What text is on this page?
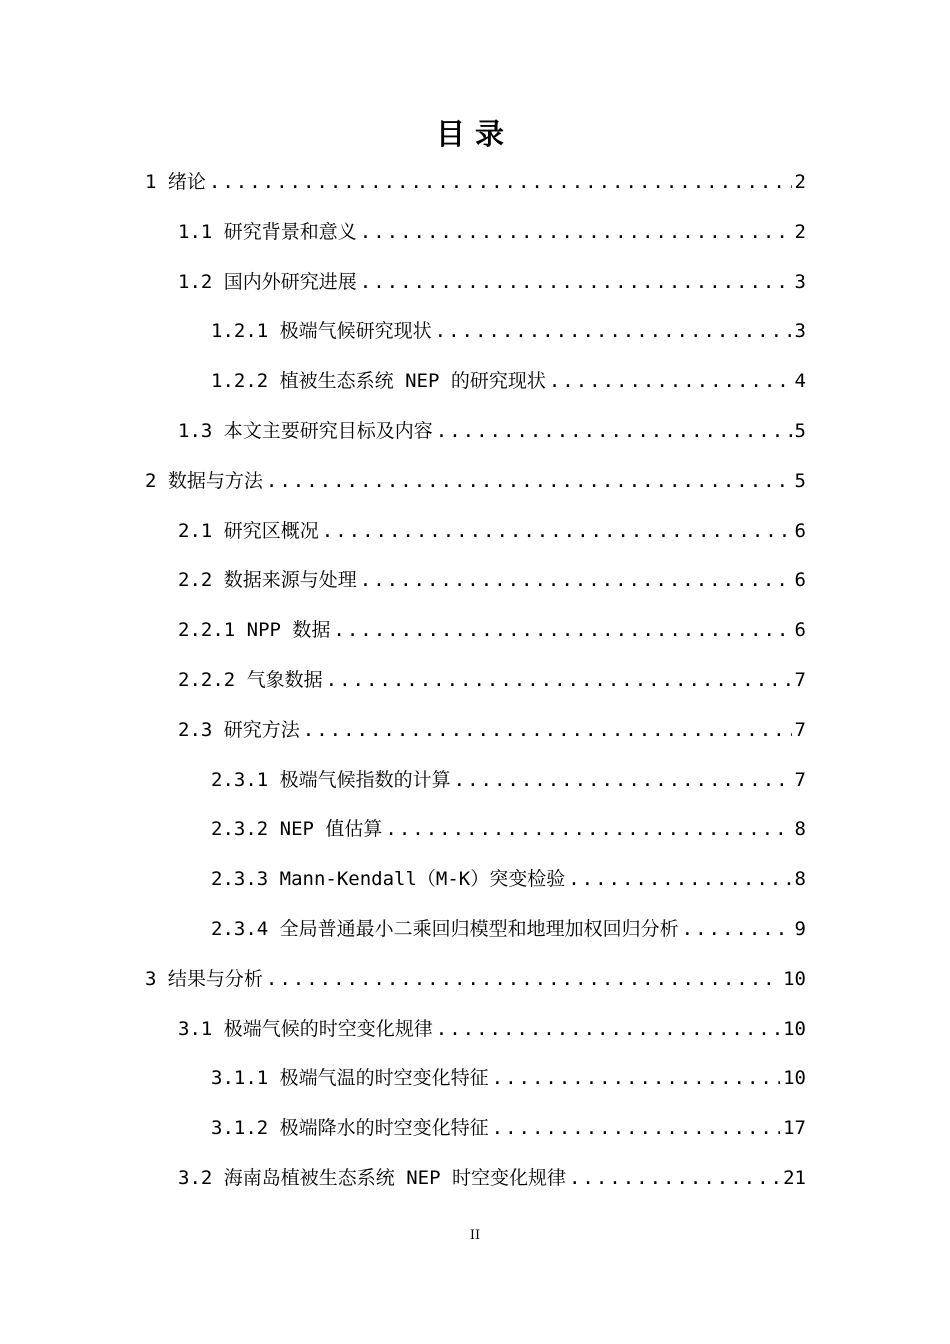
目录
1 绪论 .....	2
1.1 研究背景和意义 .....	2
1.2 国内外研究进展 .....	3
1.2.1 极端气候研究现状 .....	3
1.2.2 植被生态系统 NEP 的研究现状 .....	4
1.3 本文主要研究目标及内容 .....	5
2 数据与方法 .....	5
2.1 研究区概况 .....	6
2.2 数据来源与处理 .....	6
2.2.1 NPP 数据 .....	6
2.2.2 气象数据 .....	7
2.3 研究方法 .....	7
2.3.1 极端气候指数的计算 .....	7
2.3.2 NEP 值估算 .....	8
2.3.3 Mann-Kendall（M-K）突变检验 .....	8
2.3.4 全局普通最小二乘回归模型和地理加权回归分析 .....	9
3 结果与分析 .....	10
3.1 极端气候的时空变化规律 .....	10
3.1.1 极端气温的时空变化特征 .....	10
3.1.2 极端降水的时空变化特征 .....	17
3.2 海南岛植被生态系统 NEP 时空变化规律 .....	21
II
